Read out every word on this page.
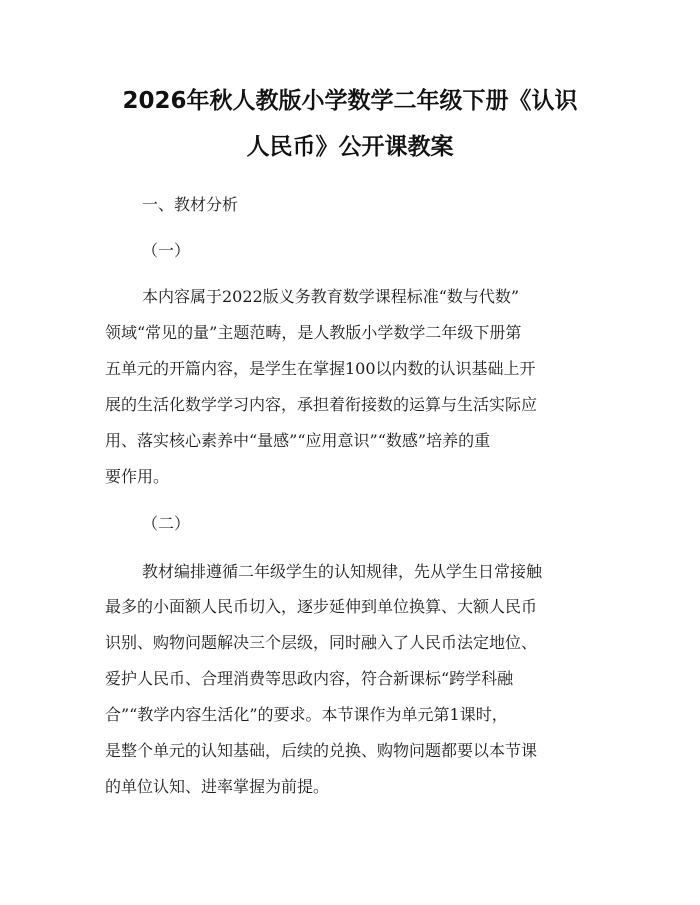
2026年秋人教版小学数学二年级下册《认识
人民币》公开课教案

一、教材分析

（一）

本内容属于2022版义务教育数学课程标准“数与代数”

领域“常见的量”主题范畴，是人教版小学数学二年级下册第

五单元的开篇内容，是学生在掌握100以内数的认识基础上开

展的生活化数学学习内容，承担着衔接数的运算与生活实际应

用、落实核心素养中“量感”“应用意识”“数感”培养的重

要作用。

（二）

教材编排遵循二年级学生的认知规律，先从学生日常接触

最多的小面额人民币切入，逐步延伸到单位换算、大额人民币

识别、购物问题解决三个层级，同时融入了人民币法定地位、

爱护人民币、合理消费等思政内容，符合新课标“跨学科融

合”“教学内容生活化”的要求。本节课作为单元第1课时，

是整个单元的认知基础，后续的兑换、购物问题都要以本节课

的单位认知、进率掌握为前提。
